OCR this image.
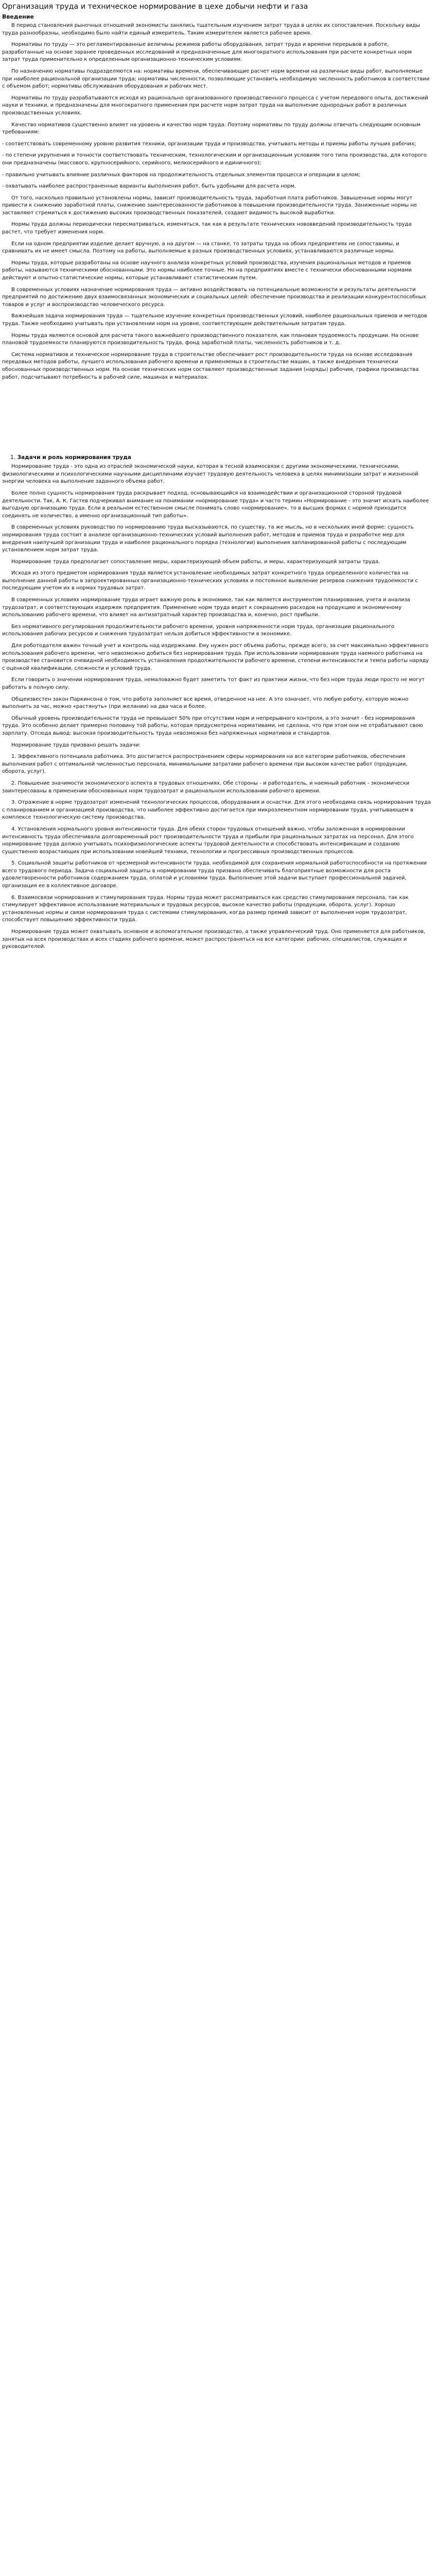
Организация труда и техническое нормирование в цехе добычи нефти и газа
Введение

В период становления рыночных отношений экономисты занялись тщательным изучением затрат труда в целях их сопоставления. Поскольку виды труда разнообразны, необходимо было найти единый измеритель. Таким измерителем является рабочее время.

Нормативы по труду — это регламентированные величины режимов работы оборудования, затрат труда и времени перерывов в работе, разработанные на основе заранее проведенных исследований и предназначенные для многократного использования при расчете конкретных норм затрат труда применительно к определенным организационно-техническим условиям.

По назначению нормативы подразделяются на: нормативы времени, обеспечивающие расчет норм времени на различные виды работ, выполняемые при наиболее рациональной организации труда; нормативы численности, позволяющие установить необходимую численность работников в соответствии с объемом работ; нормативы обслуживания оборудования и рабочих мест.

Нормативы по труду разрабатываются исходя из рационально организованного производственного процесса с учетом передового опыта, достижений науки и техники, и предназначены для многократного применения при расчете норм затрат труда на выполнение однородных работ в различных производственных условиях.

Качество нормативов существенно влияет на уровень и качество норм труда. Поэтому нормативы по труду должны отвечать следующим основным требованиям:

- соответствовать современному уровню развития техники, организации труда и производства, учитывать методы и приемы работы лучших рабочих;

- по степени укрупнения и точности соответствовать техническим, технологическим и организационным условиям того типа производства, для которого они предназначены (массового, крупносерийного, серийного, мелкосерийного и единичного);

- правильно учитывать влияние различных факторов на продолжительность отдельных элементов процесса и операции в целом;

- охватывать наиболее распространенные варианты выполнения работ, быть удобными для расчета норм.

От того, насколько правильно установлены нормы, зависит производительность труда, заработная плата работников. Завышенные нормы могут привести к снижению заработной платы, снижению заинтересованности работников в повышении производительности труда. Заниженные нормы не заставляют стремиться к достижению высоких производственных показателей, создают видимость высокой выработки.

Нормы труда должны периодически пересматриваться, изменяться, так как в результате технических нововведений производительность труда растет, что требует изменения норм.

Если на одном предприятии изделие делает вручную, а на другом — на станке, то затраты труда на обоих предприятиях не сопоставимы, и сравнивать их не имеет смысла. Поэтому на работы, выполняемые в разных производственных условиях, устанавливаются различные нормы.

Нормы труда, которые разработаны на основе научного анализа конкретных условий производства, изучения рациональных методов и приемов работы, называются техническими обоснованными. Это нормы наиболее точные. Но на предприятиях вместе с технически обоснованными нормами действуют и опытно-статистические нормы, которые устанавливают статистическим путем.

В современных условиях назначение нормирования труда — активно воздействовать на потенциальные возможности и результаты деятельности предприятий по достижению двух взаимосвязанных экономических и социальных целей: обеспечение производства и реализации конкурентоспособных товаров и услуг и воспроизводство человеческого ресурса.

Важнейшая задача нормирования труда — тщательное изучение конкретных производственных условий, наиболее рациональных приемов и методов труда. Также необходимо учитывать при установлении норм на уровне, соответствующем действительным затратам труда.

Нормы труда являются основой для расчета такого важнейшего производственного показателя, как плановая трудоемкость продукции. На основе плановой трудоемкости планируются производительность труда, фонд заработной платы, численность работников и т. д.

Система нормативов и техническое нормирование труда в строительстве обеспечивает рост производительности труда на основе исследования передовых методов работы, лучшего использования рабочего времени и применяемых в строительстве машин, а также внедрения технически обоснованных производственных норм. На основе технических норм составляют производственные задания (наряды) рабочим, графики производства работ, подсчитывают потребность в рабочей силе, машинах и материалах.

1. Задачи и роль нормирования труда

Нормирование труда - это одна из отраслей экономической науки, которая в тесной взаимосвязи с другими экономическими, техническими, физиологическими и психологическими научными дисциплинами изучает трудовую деятельность человека в целях минимизации затрат и жизненной энергии человека на выполнение заданного объема работ.

Более полно сущность нормирования труда раскрывает подход, основывающийся на взаимодействии и организационной стороной трудовой деятельности. Так, А. К. Гастев подчеркивал внимание на понимании «нормирование труда» и часто термин «Нормирование - это значит искать наиболее выгодную организацию труда. Если в реальном естественном смысле понимать слово «нормирование», то в высших формах с нормой приходится соединять не количество, а именно организационный тип работы».

В современных условиях руководство по нормированию труда высказываются, по существу, та же мысль, но в нескольких иной форме: сущность нормирования труда состоит в анализе организационно-технических условий выполнения работ, методов и приемов труда и разработке мер для внедрения наилучшей организации труда и наиболее рационального порядка (технологии) выполнения запланированной работы с последующим установлением норм затрат труда.

Нормирование труда предполагает сопоставление меры, характеризующей объем работы, и меры, характеризующей затраты труда.

Исходя из этого предметом нормирования труда является установление необходимых затрат конкретного труда определенного количества на выполнение данной работы в запроектированных организационно-технических условиях и постоянное выявление резервов снижения трудоемкости с последующим учетом их в нормах трудовых затрат.

В современных условиях нормирование труда играет важную роль в экономике, так как является инструментом планирования, учета и анализа трудозатрат, и соответствующих издержек предприятия. Применение норм труда ведет к сокращению расходов на продукцию и экономичному использованию рабочего времени, что влияет на антизатратный характер производства и, конечно, рост прибыли.

Без нормативного регулирования продолжительности рабочего времени, уровня напряженности норм труда, организации рационального использования рабочих ресурсов и снижения трудозатрат нельзя добиться эффективности в экономике.

Для роботодателя важен точный учет и контроль над издержками. Ему нужен рост объема работы, прежде всего, за счет максимально-эффективного использования рабочего времени, чего невозможно добиться без нормирования труда. При использовании нормирования труда наемного работника на производстве становится очевидной необходимость установления продолжительности рабочего времени, степени интенсивности и темпа работы наряду с оценкой квалификации, сложности и условий труда.

Если говорить о значении нормирования труда, немаловажно будет заметить тот факт из практики жизни, что без норм труда люди просто не могут работать в полную силу.

Общеизвестен закон Паркинсона о том, что работа заполняет все время, отведенное на нее. А это означает, что любую работу, которую можно выполнить за час, можно «растянуть» (при желании) на два часа и более.

Обычный уровень производительности труда не превышает 50% при отсутствии норм и непрерывного контроля, а это значит - без нормирования труда. Это особенно делает примерно половину той работы, которая предусмотрена нормативами, не сделана, что при этом они не отрабатывают свою зарплату. Отсюда вывод: высокая производительность труда невозможна без напряженных нормативов и стандартов.

Нормирование труда призвано решать задачи:

1. Эффективного потенциала работника. Это достигается распространением сферы нормирования на все категории работников, обеспечения выполнения работ с оптимальной численностью персонала, минимальными затратами рабочего времени при высоком качестве работ (продукции, оборота, услуг).

2. Повышение значимости экономического аспекта в трудовых отношениях. Обе стороны - и работодатель, и наемный работник - экономически заинтересованы в применении обоснованных норм трудозатрат и рациональном использовании рабочего времени.

3. Отражение в норме трудозатрат изменений технологических процессов, оборудования и оснастки. Для этого необходима связь нормирования труда с планированием и организацией производства, что наиболее эффективно достигается при микроэлементном нормировании труда, учитывающем в комплексе технологическую систему производства.

4. Установления нормального уровня интенсивности труда. Для обеих сторон трудовых отношений важно, чтобы заложенная в нормировании интенсивность труда обеспечивала долговременный рост производительности труда и прибыли при рациональных затратах на персонал. Для этого нормирование труда должно учитывать психофизиологические аспекты трудовой деятельности и способствовать интенсификации и созданию существенно возрастающих при использовании новейшей техники, технологии и прогрессивных производственных процессов.

5. Социальной защиты работников от чрезмерной интенсивности труда, необходимой для сохранения нормальной работоспособности на протяжении всего трудового периода. Задача социальной защиты в нормировании труда призвана обеспечивать благоприятные возможности для роста удовлетворенности работников содержанием труда, оплатой и условиями труда. Выполнение этой задачи выступает профессиональной задачей, организация ее в коллективное договоре.

6. Взаимосвязи нормирования и стимулирования труда. Нормы труда может рассматриваться как средство стимулирования персонала, так как стимулирует эффективное использование материальных и трудовых ресурсов, высокое качество работы (продукции, оборота, услуг). Хорошо установленные нормы и связи нормирования труда с системами стимулирования, когда размер премий зависит от выполнения норм трудозатрат, способствует повышению эффективности труда.

Нормирование труда может охватывать основное и вспомогательное производство, а также управленческий труд. Оно применяется для работников, занятых на всех производствах и всех стадиях рабочего времени, может распространяться на все категории: рабочих, специалистов, служащих и руководителей.
